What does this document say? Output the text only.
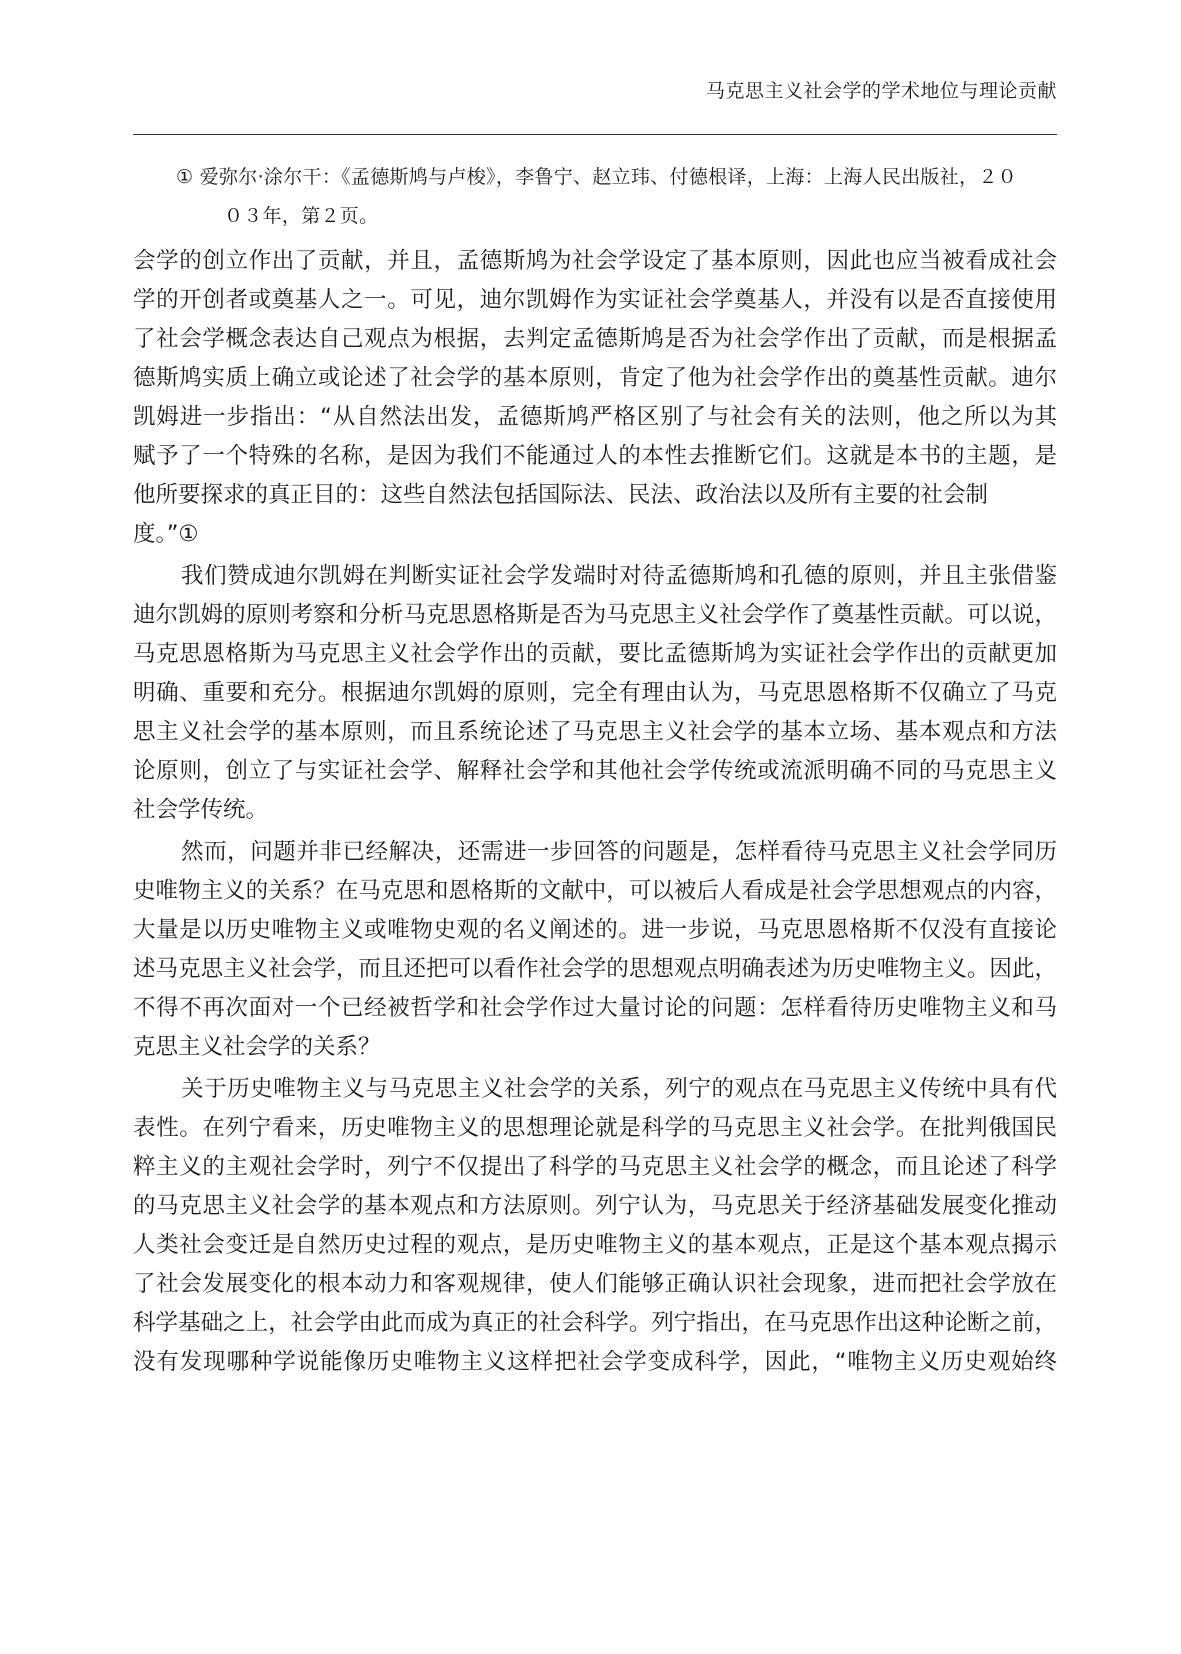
马克思主义社会学的学术地位与理论贡献
① 爱弥尔·涂尔干：《孟德斯鸠与卢梭》，李鲁宁、赵立玮、付德根译，上海：上海人民出版社，２０
０３年，第２页。
会学的创立作出了贡献，并且，孟德斯鸠为社会学设定了基本原则，因此也应当被看成社会
学的开创者或奠基人之一。可见，迪尔凯姆作为实证社会学奠基人，并没有以是否直接使用
了社会学概念表达自己观点为根据，去判定孟德斯鸠是否为社会学作出了贡献，而是根据孟
德斯鸠实质上确立或论述了社会学的基本原则，肯定了他为社会学作出的奠基性贡献。迪尔
凯姆进一步指出：“从自然法出发，孟德斯鸠严格区别了与社会有关的法则，他之所以为其
赋予了一个特殊的名称，是因为我们不能通过人的本性去推断它们。这就是本书的主题，是
他所要探求的真正目的：这些自然法包括国际法、民法、政治法以及所有主要的社会制
度。”①
我们赞成迪尔凯姆在判断实证社会学发端时对待孟德斯鸠和孔德的原则，并且主张借鉴
迪尔凯姆的原则考察和分析马克思恩格斯是否为马克思主义社会学作了奠基性贡献。可以说，
马克思恩格斯为马克思主义社会学作出的贡献，要比孟德斯鸠为实证社会学作出的贡献更加
明确、重要和充分。根据迪尔凯姆的原则，完全有理由认为，马克思恩格斯不仅确立了马克
思主义社会学的基本原则，而且系统论述了马克思主义社会学的基本立场、基本观点和方法
论原则，创立了与实证社会学、解释社会学和其他社会学传统或流派明确不同的马克思主义
社会学传统。
然而，问题并非已经解决，还需进一步回答的问题是，怎样看待马克思主义社会学同历
史唯物主义的关系？在马克思和恩格斯的文献中，可以被后人看成是社会学思想观点的内容，
大量是以历史唯物主义或唯物史观的名义阐述的。进一步说，马克思恩格斯不仅没有直接论
述马克思主义社会学，而且还把可以看作社会学的思想观点明确表述为历史唯物主义。因此，
不得不再次面对一个已经被哲学和社会学作过大量讨论的问题：怎样看待历史唯物主义和马
克思主义社会学的关系？
关于历史唯物主义与马克思主义社会学的关系，列宁的观点在马克思主义传统中具有代
表性。在列宁看来，历史唯物主义的思想理论就是科学的马克思主义社会学。在批判俄国民
粹主义的主观社会学时，列宁不仅提出了科学的马克思主义社会学的概念，而且论述了科学
的马克思主义社会学的基本观点和方法原则。列宁认为，马克思关于经济基础发展变化推动
人类社会变迁是自然历史过程的观点，是历史唯物主义的基本观点，正是这个基本观点揭示
了社会发展变化的根本动力和客观规律，使人们能够正确认识社会现象，进而把社会学放在
科学基础之上，社会学由此而成为真正的社会科学。列宁指出，在马克思作出这种论断之前，
没有发现哪种学说能像历史唯物主义这样把社会学变成科学，因此，“唯物主义历史观始终
